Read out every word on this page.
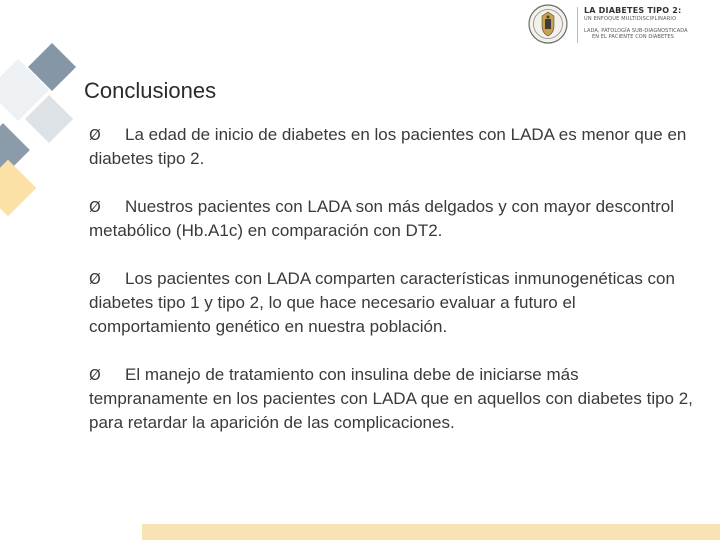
LA DIABETES TIPO 2:
UN ENFOQUE MULTIDISCIPLINARIO
LADA, PATOLOGÍA SUB-DIAGNOSTICADA
EN EL PACIENTE CON DIABETES
Conclusiones
Ø La edad de inicio de diabetes en los pacientes con LADA es menor que en diabetes tipo 2.
Ø Nuestros pacientes con LADA son más delgados y con mayor descontrol metabólico (Hb.A1c) en comparación con DT2.
Ø Los pacientes con LADA comparten características inmunogenéticas con diabetes tipo 1 y tipo 2, lo que hace necesario evaluar a futuro el comportamiento genético en nuestra población.
Ø El manejo de tratamiento con insulina debe de iniciarse más tempranamente en los pacientes con LADA que en aquellos con diabetes tipo 2, para retardar la aparición de las complicaciones.
